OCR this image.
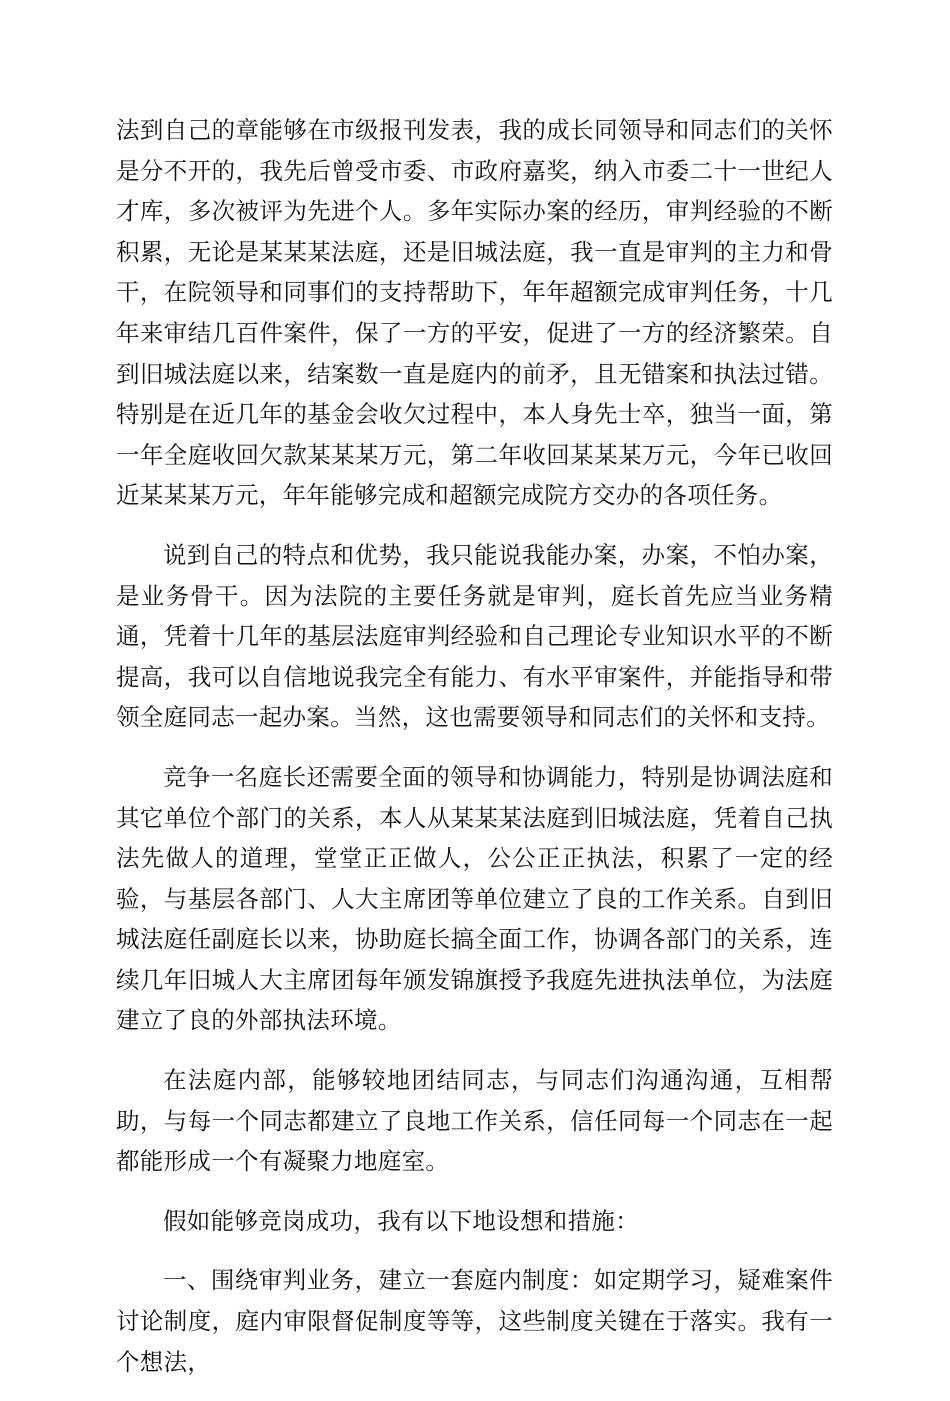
法到自己的章能够在市级报刊发表，我的成长同领导和同志们的关怀是分不开的，我先后曾受市委、市政府嘉奖，纳入市委二十一世纪人才库，多次被评为先进个人。多年实际办案的经历，审判经验的不断积累，无论是某某某法庭，还是旧城法庭，我一直是审判的主力和骨干，在院领导和同事们的支持帮助下，年年超额完成审判任务，十几年来审结几百件案件，保了一方的平安，促进了一方的经济繁荣。自到旧城法庭以来，结案数一直是庭内的前矛，且无错案和执法过错。特别是在近几年的基金会收欠过程中，本人身先士卒，独当一面，第一年全庭收回欠款某某某万元，第二年收回某某某万元，今年已收回近某某某万元，年年能够完成和超额完成院方交办的各项任务。

说到自己的特点和优势，我只能说我能办案，办案，不怕办案，是业务骨干。因为法院的主要任务就是审判，庭长首先应当业务精通，凭着十几年的基层法庭审判经验和自己理论专业知识水平的不断提高，我可以自信地说我完全有能力、有水平审案件，并能指导和带领全庭同志一起办案。当然，这也需要领导和同志们的关怀和支持。

竞争一名庭长还需要全面的领导和协调能力，特别是协调法庭和其它单位个部门的关系，本人从某某某法庭到旧城法庭，凭着自己执法先做人的道理，堂堂正正做人，公公正正执法，积累了一定的经验，与基层各部门、人大主席团等单位建立了良的工作关系。自到旧城法庭任副庭长以来，协助庭长搞全面工作，协调各部门的关系，连续几年旧城人大主席团每年颁发锦旗授予我庭先进执法单位，为法庭建立了良的外部执法环境。

在法庭内部，能够较地团结同志，与同志们沟通沟通，互相帮助，与每一个同志都建立了良地工作关系，信任同每一个同志在一起都能形成一个有凝聚力地庭室。

假如能够竞岗成功，我有以下地设想和措施：

一、围绕审判业务，建立一套庭内制度：如定期学习，疑难案件讨论制度，庭内审限督促制度等等，这些制度关键在于落实。我有一个想法，
